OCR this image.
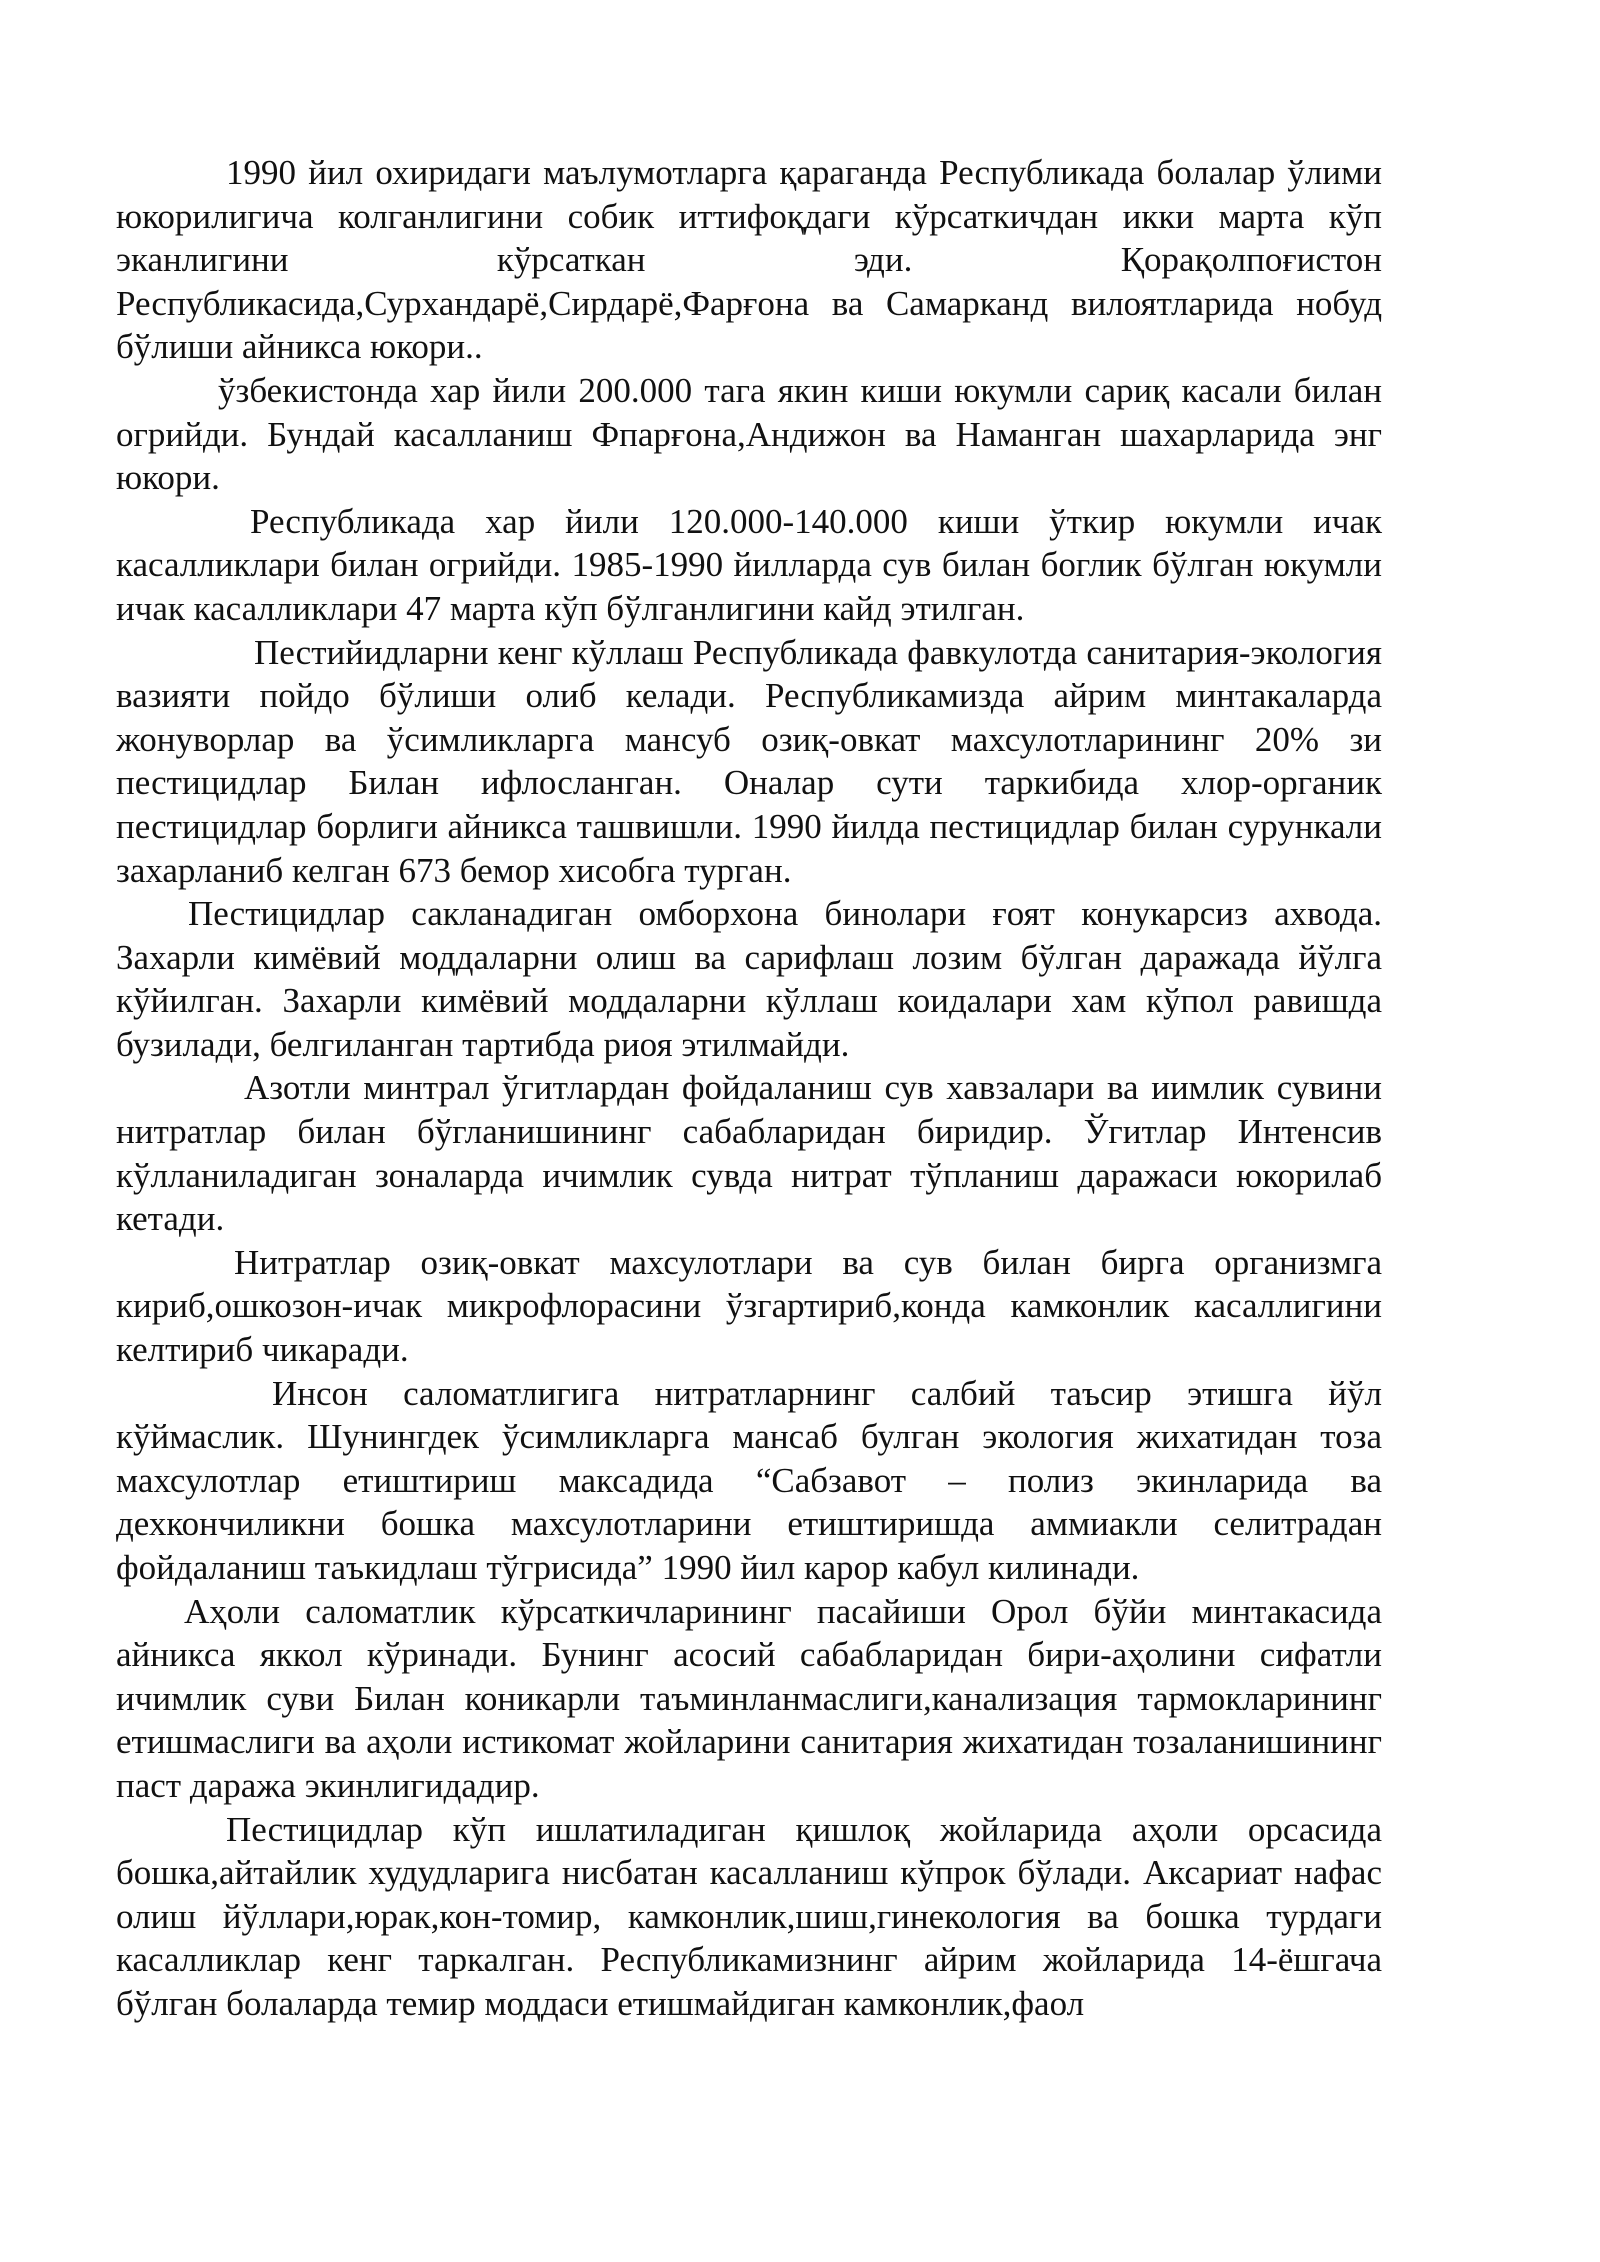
1990 йил охиридаги маълумотларга қараганда Республикада болалар ўлими юкорилигича колганлигини собик иттифоқдаги кўрсаткичдан икки марта кўп эканлигини кўрсаткан эди. Қорақолпоғистон Республикасида,Сурхандарё,Сирдарё,Фарғона ва Самарканд вилоятларида нобуд бўлиши айникса юкори..

ўзбекистонда хар йили 200.000 тага якин киши юкумли сариқ касали билан огрийди. Бундай касалланиш Фпарғона,Андижон ва Наманган шахарларида энг юкори.

Республикада хар йили 120.000-140.000 киши ўткир юкумли ичак касалликлари билан огрийди. 1985-1990 йилларда сув билан боглик бўлган юкумли ичак касалликлари 47 марта кўп бўлганлигини кайд этилган.

Пестийидларни кенг кўллаш Республикада фавкулотда санитария-экология вазияти пойдо бўлиши олиб келади. Республикамизда айрим минтакаларда жонуворлар ва ўсимликларга мансуб озиқ-овкат махсулотларининг 20% зи пестицидлар Билан ифлосланган. Оналар сути таркибида хлор-органик пестицидлар борлиги айникса ташвишли. 1990 йилда пестицидлар билан сурункали захарланиб келган 673 бемор хисобга турган.

Пестицидлар сакланадиган омборхона бинолари ғоят конукарсиз ахвода. Захарли кимёвий моддаларни олиш ва сарифлаш лозим бўлган даражада йўлга кўйилган. Захарли кимёвий моддаларни кўллаш коидалари хам кўпол равишда бузилади, белгиланган тартибда риоя этилмайди.

Азотли минтрал ўгитлардан фойдаланиш сув хавзалари ва иимлик сувини нитратлар билан бўгланишининг сабабларидан биридир. Ўгитлар Интенсив кўлланиладиган зоналарда ичимлик сувда нитрат тўпланиш даражаси юкорилаб кетади.

Нитратлар озиқ-овкат махсулотлари ва сув билан бирга организмга кириб,ошкозон-ичак микрофлорасини ўзгартириб,конда камконлик касаллигини келтириб чикаради.

Инсон саломатлигига нитратларнинг салбий таъсир этишга йўл кўймаслик. Шунингдек ўсимликларга мансаб булган экология жихатидан тоза махсулотлар етиштириш максадида “Сабзавот – полиз экинларида ва дехкончиликни бошка махсулотларини етиштиришда аммиакли селитрадан фойдаланиш таъкидлаш тўгрисида” 1990 йил карор кабул килинади.

Аҳоли саломатлик кўрсаткичларининг пасайиши Орол бўйи минтакасида айникса яккол кўринади. Бунинг асосий сабабларидан бири-аҳолини сифатли ичимлик суви Билан коникарли таъминланмаслиги,канализация тармокларининг етишмаслиги ва аҳоли истикомат жойларини санитария жихатидан тозаланишининг паст даража экинлигидадир.

Пестицидлар кўп ишлатиладиган қишлоқ жойларида аҳоли орсасида бошка,айтайлик худудларига нисбатан касалланиш кўпрок бўлади. Аксариат нафас олиш йўллари,юрак,кон-томир, камконлик,шиш,гинекология ва бошка турдаги касалликлар кенг таркалган. Республикамизнинг айрим жойларида 14-ёшгача бўлган болаларда темир моддаси етишмайдиган камконлик,фаол
